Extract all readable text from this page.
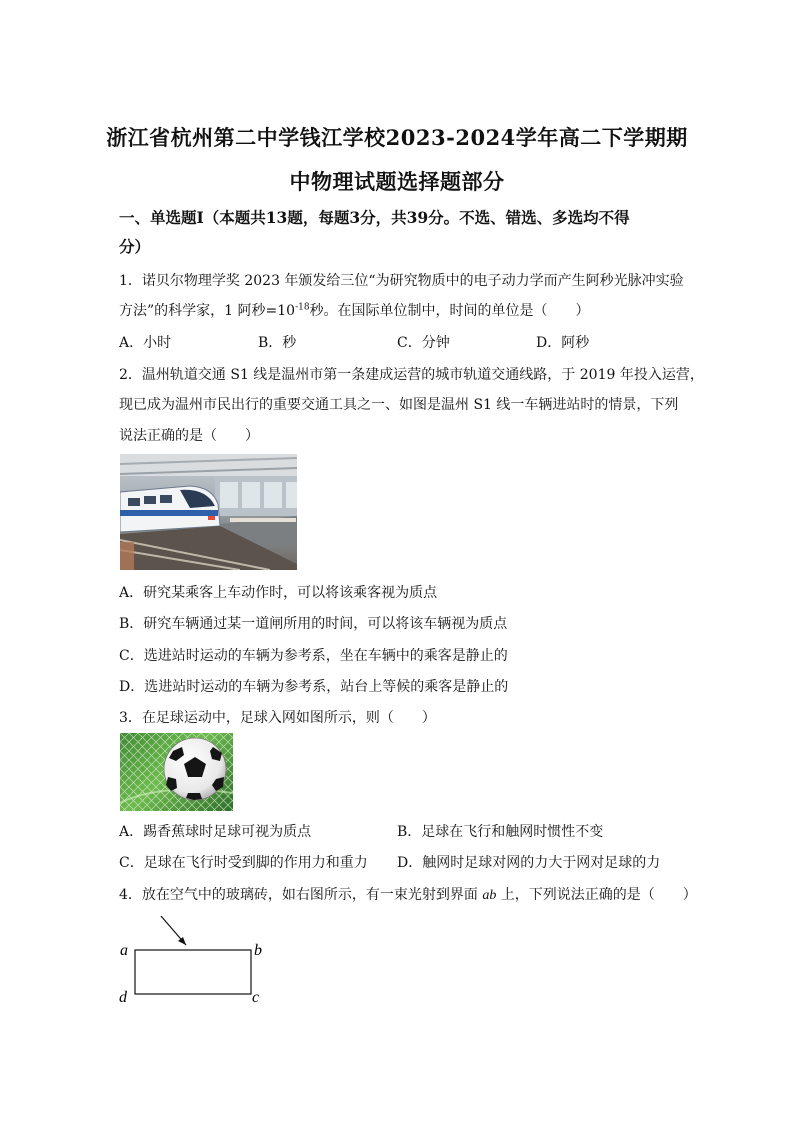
浙江省杭州第二中学钱江学校2023-2024学年高二下学期期
中物理试题选择题部分
一、单选题Ⅰ（本题共13题，每题3分，共39分。不选、错选、多选均不得
分）
1．诺贝尔物理学奖 2023 年颁发给三位“为研究物质中的电子动力学而产生阿秒光脉冲实验
方法”的科学家，1 阿秒$=10^{-18}$秒。在国际单位制中，时间的单位是（　　）
A．小时	B．秒	C．分钟	D．阿秒
2．温州轨道交通 S1 线是温州市第一条建成运营的城市轨道交通线路，于 2019 年投入运营，
现已成为温州市民出行的重要交通工具之一、如图是温州 S1 线一车辆进站时的情景，下列
说法正确的是（　　）
A．研究某乘客上车动作时，可以将该乘客视为质点
B．研究车辆通过某一道闸所用的时间，可以将该车辆视为质点
C．选进站时运动的车辆为参考系，坐在车辆中的乘客是静止的
D．选进站时运动的车辆为参考系，站台上等候的乘客是静止的
3．在足球运动中，足球入网如图所示，则（　　）
A．踢香蕉球时足球可视为质点	B．足球在飞行和触网时惯性不变
C．足球在飞行时受到脚的作用力和重力 D．触网时足球对网的力大于网对足球的力
4．放在空气中的玻璃砖，如右图所示，有一束光射到界面 ab 上，下列说法正确的是（　　）
a	b
c
d
